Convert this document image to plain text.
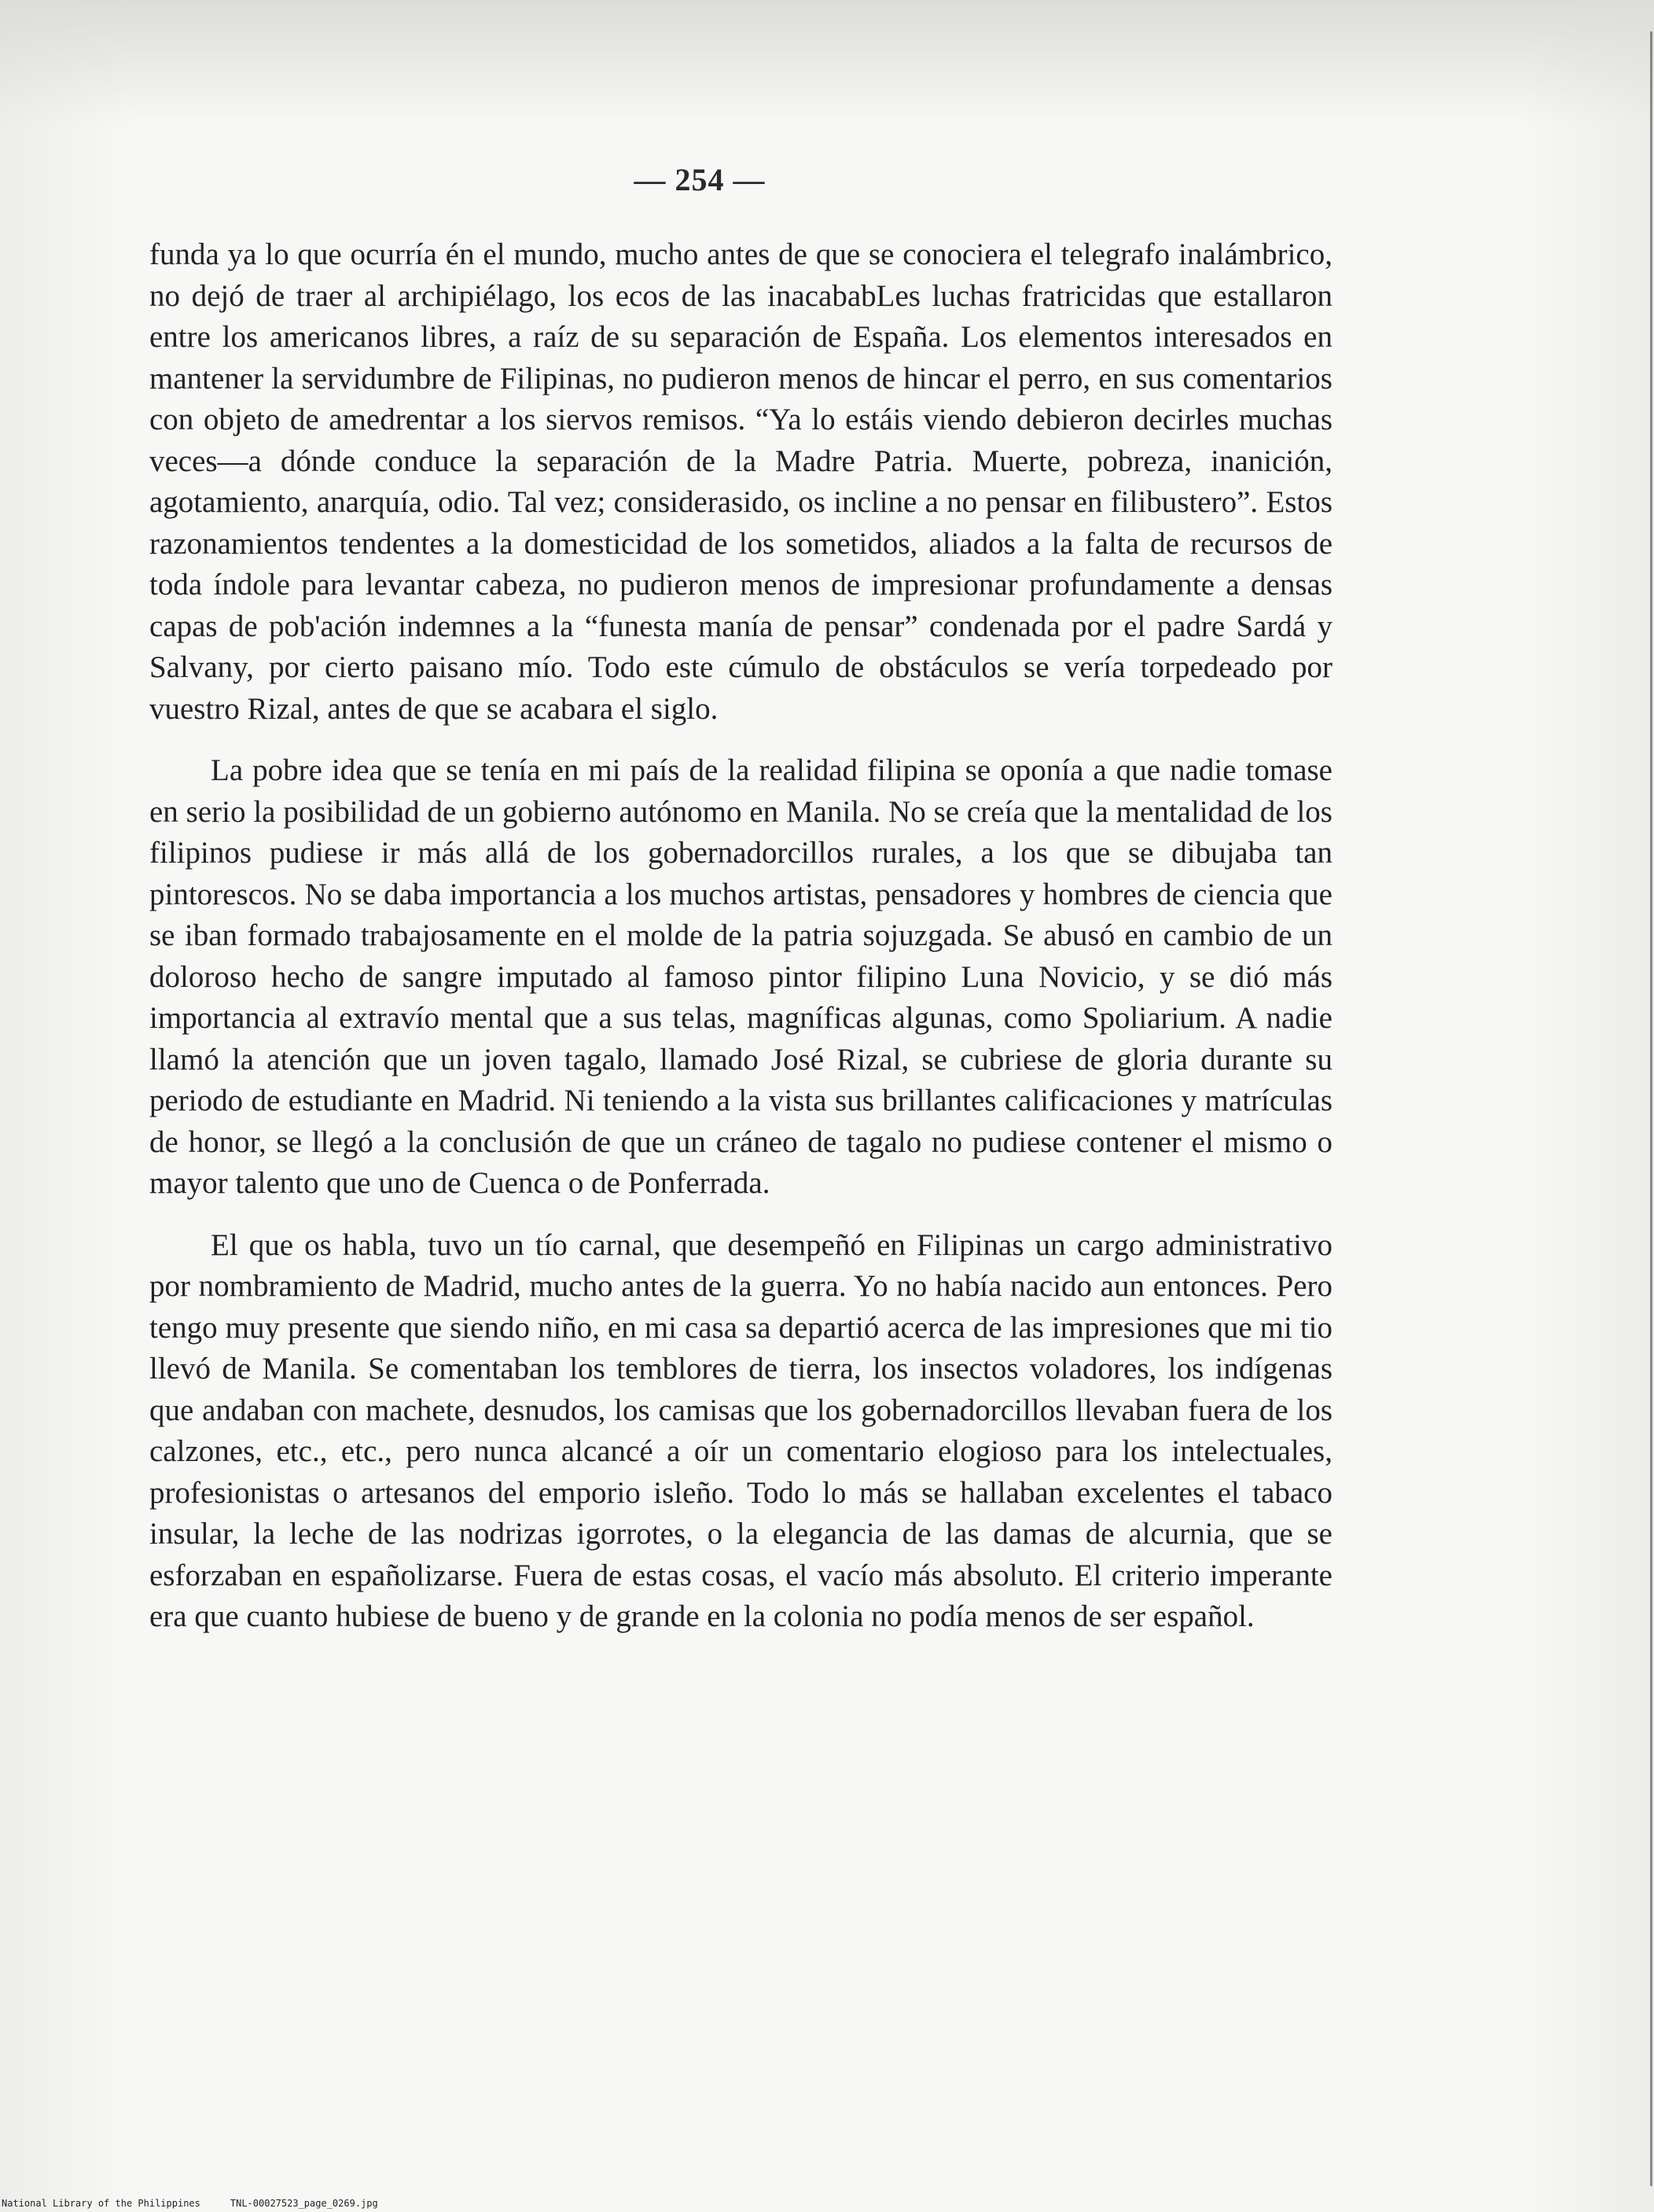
— 254 —

funda ya lo que ocurría én el mundo, mucho antes de que se conociera el telegrafo inalámbrico, no dejó de traer al archipiélago, los ecos de las inacababLes luchas fratricidas que estallaron entre los americanos libres, a raíz de su separación de España. Los elementos interesados en mantener la servidumbre de Filipinas, no pudieron menos de hincar el perro, en sus comentarios con objeto de amedrentar a los siervos remisos. “Ya lo estáis viendo debieron decirles muchas veces—a dónde conduce la separación de la Madre Patria. Muerte, pobreza, inanición, agotamiento, anarquía, odio. Tal vez; considerasido, os incline a no pensar en filibustero”. Estos razonamientos tendentes a la domesticidad de los sometidos, aliados a la falta de recursos de toda índole para levantar cabeza, no pudieron menos de impresionar profundamente a densas capas de pob'ación indemnes a la “funesta manía de pensar” condenada por el padre Sardá y Salvany, por cierto paisano mío. Todo este cúmulo de obstáculos se vería torpedeado por vuestro Rizal, antes de que se acabara el siglo.

La pobre idea que se tenía en mi país de la realidad filipina se oponía a que nadie tomase en serio la posibilidad de un gobierno autónomo en Manila. No se creía que la mentalidad de los filipinos pudiese ir más allá de los gobernadorcillos rurales, a los que se dibujaba tan pintorescos. No se daba importancia a los muchos artistas, pensadores y hombres de ciencia que se iban formado trabajosamente en el molde de la patria sojuzgada. Se abusó en cambio de un doloroso hecho de sangre imputado al famoso pintor filipino Luna Novicio, y se dió más importancia al extravío mental que a sus telas, magníficas algunas, como Spoliarium. A nadie llamó la atención que un joven tagalo, llamado José Rizal, se cubriese de gloria durante su periodo de estudiante en Madrid. Ni teniendo a la vista sus brillantes calificaciones y matrículas de honor, se llegó a la conclusión de que un cráneo de tagalo no pudiese contener el mismo o mayor talento que uno de Cuenca o de Ponferrada.

El que os habla, tuvo un tío carnal, que desempeñó en Filipinas un cargo administrativo por nombramiento de Madrid, mucho antes de la guerra. Yo no había nacido aun entonces. Pero tengo muy presente que siendo niño, en mi casa sa departió acerca de las impresiones que mi tio llevó de Manila. Se comentaban los temblores de tierra, los insectos voladores, los indígenas que andaban con machete, desnudos, los camisas que los gobernadorcillos llevaban fuera de los calzones, etc., etc., pero nunca alcancé a oír un comentario elogioso para los intelectuales, profesionistas o artesanos del emporio isleño. Todo lo más se hallaban excelentes el tabaco insular, la leche de las nodrizas igorrotes, o la elegancia de las damas de alcurnia, que se esforzaban en españolizarse. Fuera de estas cosas, el vacío más absoluto. El criterio imperante era que cuanto hubiese de bueno y de grande en la colonia no podía menos de ser español.

National Library of the Philippines	TNL-00027523_page_0269.jpg
